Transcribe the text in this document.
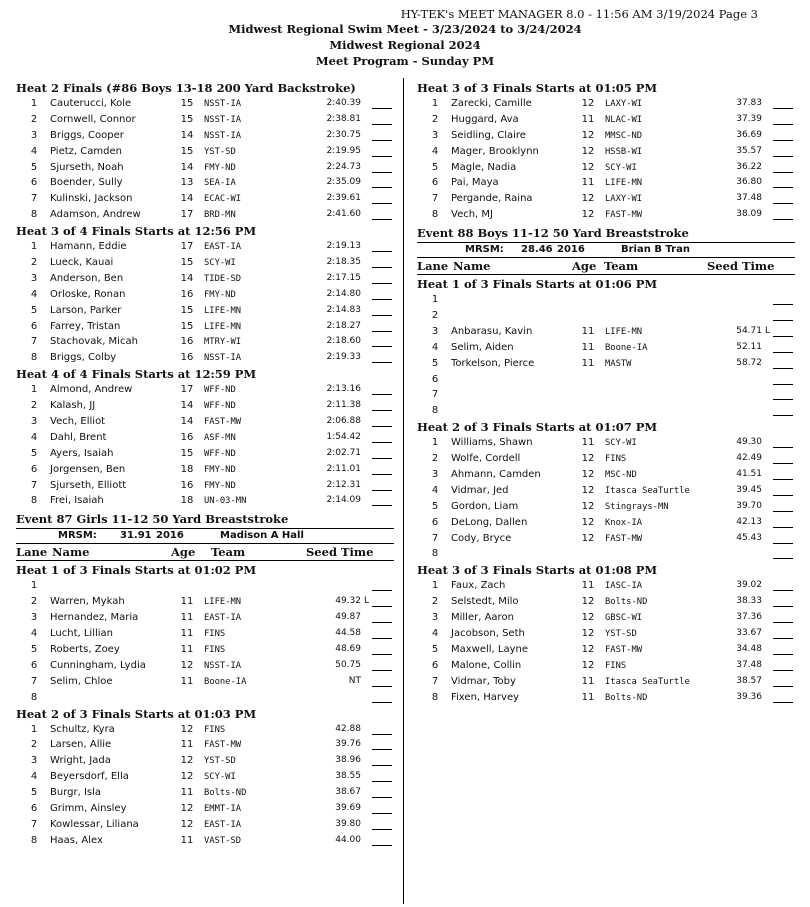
HY-TEK's MEET MANAGER 8.0 - 11:56 AM 3/19/2024 Page 3
Midwest Regional Swim Meet - 3/23/2024 to 3/24/2024
Midwest Regional 2024
Meet Program - Sunday PM
Heat 2 Finals (#86 Boys 13-18 200 Yard Backstroke)
1 Cauterucci, Kole	15 NSST-IA	2:40.39
2 Cornwell, Connor	15 NSST-IA	2:38.81
3 Briggs, Cooper	14 NSST-IA	2:30.75
4 Pietz, Camden	15 YST-SD	2:19.95
5 Sjurseth, Noah	14 FMY-ND	2:24.73
6 Boender, Sully	13 SEA-IA	2:35.09
7 Kulinski, Jackson	14 ECAC-WI	2:39.61
8 Adamson, Andrew	17 BRD-MN	2:41.60
Heat 3 of 4 Finals Starts at 12:56 PM
1 Hamann, Eddie	17 EAST-IA	2:19.13
2 Lueck, Kauai	15 SCY-WI	2:18.35
3 Anderson, Ben	14 TIDE-SD	2:17.15
4 Orloske, Ronan	16 FMY-ND	2:14.80
5 Larson, Parker	15 LIFE-MN	2:14.83
6 Farrey, Tristan	15 LIFE-MN	2:18.27
7 Stachovak, Micah	16 MTRY-WI	2:18.60
8 Briggs, Colby	16 NSST-IA	2:19.33
Heat 4 of 4 Finals Starts at 12:59 PM
1 Almond, Andrew	17 WFF-ND	2:13.16
2 Kalash, JJ	14 WFF-ND	2:11.38
3 Vech, Elliot	14 FAST-MW	2:06.88
4 Dahl, Brent	16 ASF-MN	1:54.42
5 Ayers, Isaiah	15 WFF-ND	2:02.71
6 Jorgensen, Ben	18 FMY-ND	2:11.01
7 Sjurseth, Elliott	16 FMY-ND	2:12.31
8 Frei, Isaiah	18 UN-03-MN	2:14.09
Event 87 Girls 11-12 50 Yard Breaststroke
MRSM: 31.91 2016	Madison A Hall
Lane Name	Age Team	Seed Time
Heat 1 of 3 Finals Starts at 01:02 PM
1
2 Warren, Mykah	11 LIFE-MN	49.32 L
3 Hernandez, Maria	11 EAST-IA	49.87
4 Lucht, Lillian	11 FINS	44.58
5 Roberts, Zoey	11 FINS	48.69
6 Cunningham, Lydia	12 NSST-IA	50.75
7 Selim, Chloe	11 Boone-IA	NT
8
Heat 2 of 3 Finals Starts at 01:03 PM
1 Schultz, Kyra	12 FINS	42.88
2 Larsen, Allie	11 FAST-MW	39.76
3 Wright, Jada	12 YST-SD	38.96
4 Beyersdorf, Ella	12 SCY-WI	38.55
5 Burgr, Isla	11 Bolts-ND	38.67
6 Grimm, Ainsley	12 EMMT-IA	39.69
7 Kowlessar, Liliana	12 EAST-IA	39.80
8 Haas, Alex	11 VAST-SD	44.00
Heat 3 of 3 Finals Starts at 01:05 PM
1 Zarecki, Camille	12 LAXY-WI	37.83
2 Huggard, Ava	11 NLAC-WI	37.39
3 Seidling, Claire	12 MMSC-ND	36.69
4 Mager, Brooklynn	12 HSSB-WI	35.57
5 Magle, Nadia	12 SCY-WI	36.22
6 Pai, Maya	11 LIFE-MN	36.80
7 Pergande, Raina	12 LAXY-WI	37.48
8 Vech, MJ	12 FAST-MW	38.09
Event 88 Boys 11-12 50 Yard Breaststroke
MRSM: 28.46 2016	Brian B Tran
Lane Name	Age Team	Seed Time
Heat 1 of 3 Finals Starts at 01:06 PM
1
2
3 Anbarasu, Kavin	11 LIFE-MN	54.71 L
4 Selim, Aiden	11 Boone-IA	52.11
5 Torkelson, Pierce	11 MASTW	58.72
6
7
8
Heat 2 of 3 Finals Starts at 01:07 PM
1 Williams, Shawn	11 SCY-WI	49.30
2 Wolfe, Cordell	12 FINS	42.49
3 Ahmann, Camden	12 MSC-ND	41.51
4 Vidmar, Jed	12 Itasca SeaTurtle	39.45
5 Gordon, Liam	12 Stingrays-MN	39.70
6 DeLong, Dallen	12 Knox-IA	42.13
7 Cody, Bryce	12 FAST-MW	45.43
8
Heat 3 of 3 Finals Starts at 01:08 PM
1 Faux, Zach	11 IASC-IA	39.02
2 Selstedt, Milo	12 Bolts-ND	38.33
3 Miller, Aaron	12 GBSC-WI	37.36
4 Jacobson, Seth	12 YST-SD	33.67
5 Maxwell, Layne	12 FAST-MW	34.48
6 Malone, Collin	12 FINS	37.48
7 Vidmar, Toby	11 Itasca SeaTurtle	38.57
8 Fixen, Harvey	11 Bolts-ND	39.36
